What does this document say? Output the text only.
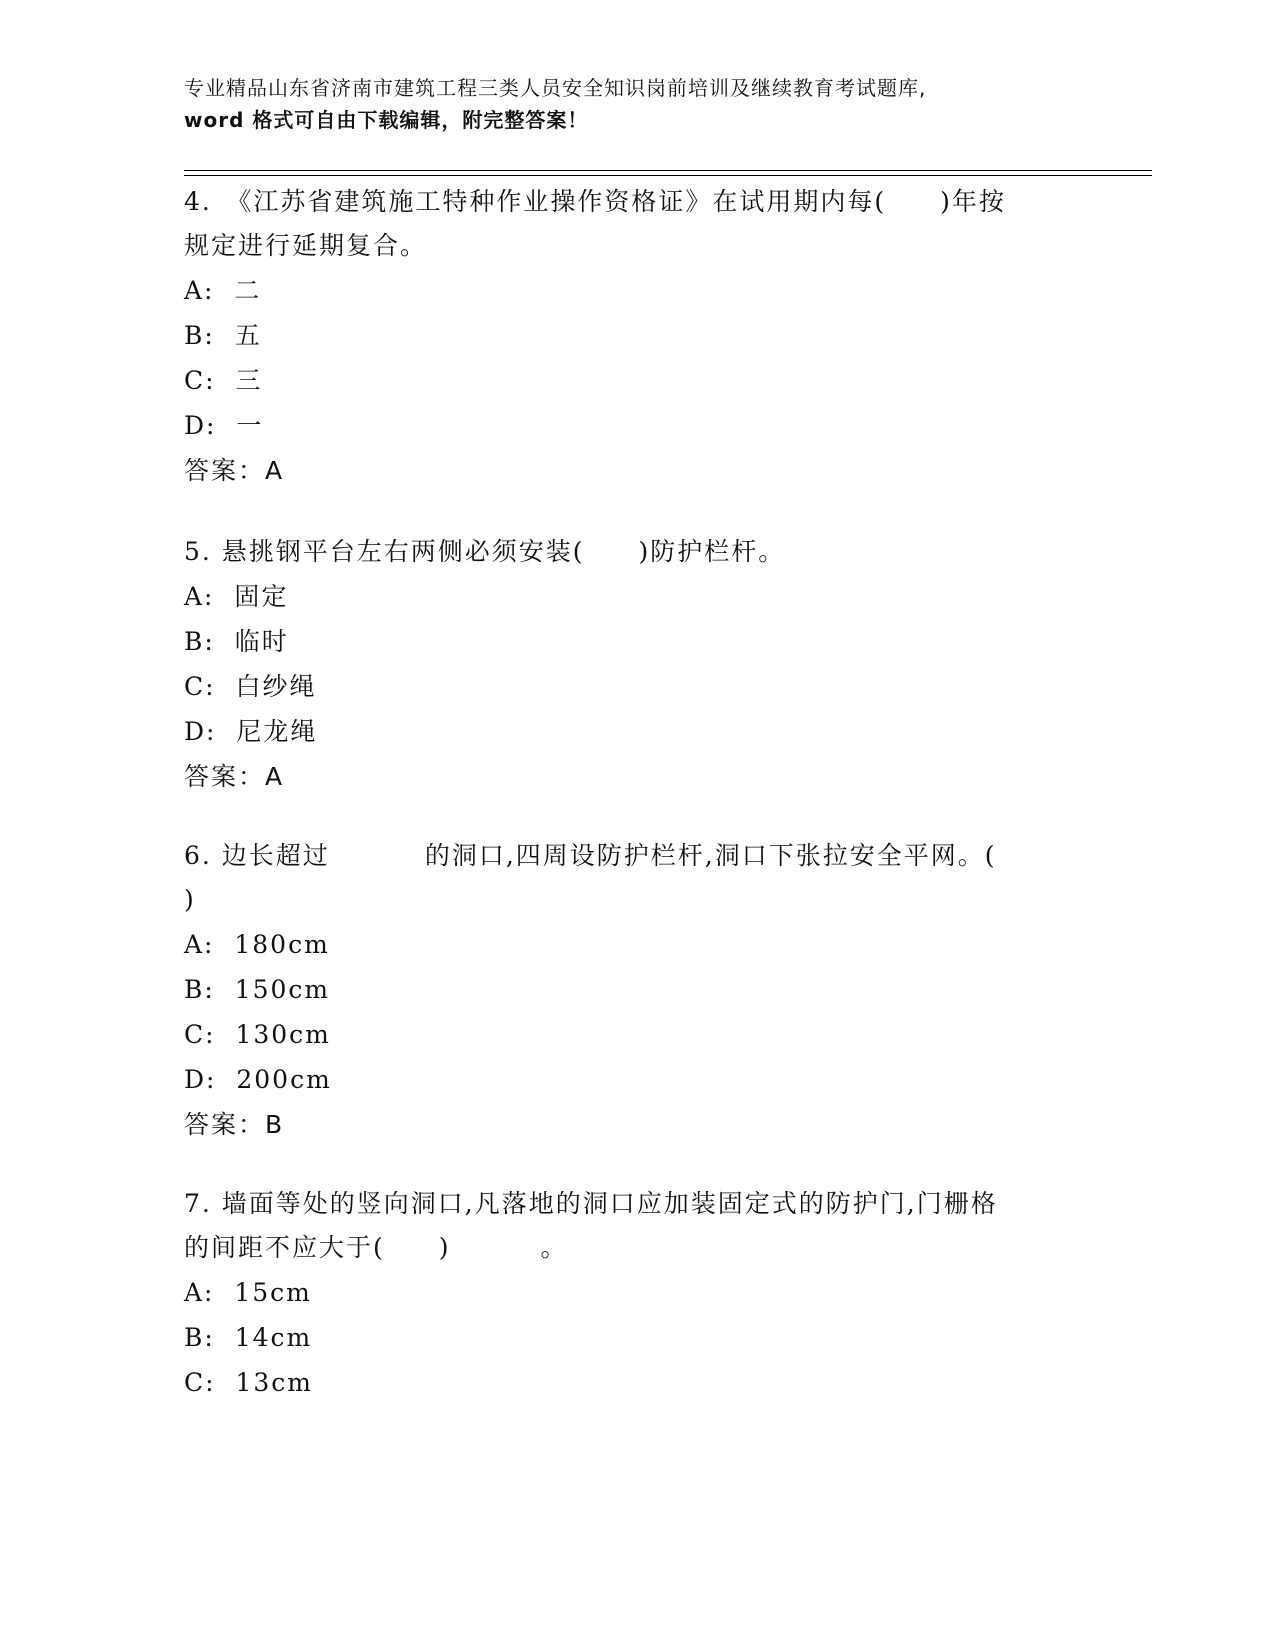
专业精品山东省济南市建筑工程三类人员安全知识岗前培训及继续教育考试题库,
word 格式可自由下载编辑，附完整答案！

4.　《江苏省建筑施工特种作业操作资格证》在试用期内每(　　)年按

规定进行延期复合。

A:  二

B:  五

C:  三

D:  一

答案：A

5. 悬挑钢平台左右两侧必须安装(　　)防护栏杆。

A:  固定

B:  临时

C:  白纱绳

D:  尼龙绳

答案：A

6. 边长超过	的洞口,四周设防护栏杆,洞口下张拉安全平网。(

)

A:  180cm

B:  150cm

C:  130cm

D:  200cm

答案：B

7. 墙面等处的竖向洞口,凡落地的洞口应加装固定式的防护门,门栅格

的间距不应大于(　　)	。

A:  15cm

B:  14cm

C:  13cm
